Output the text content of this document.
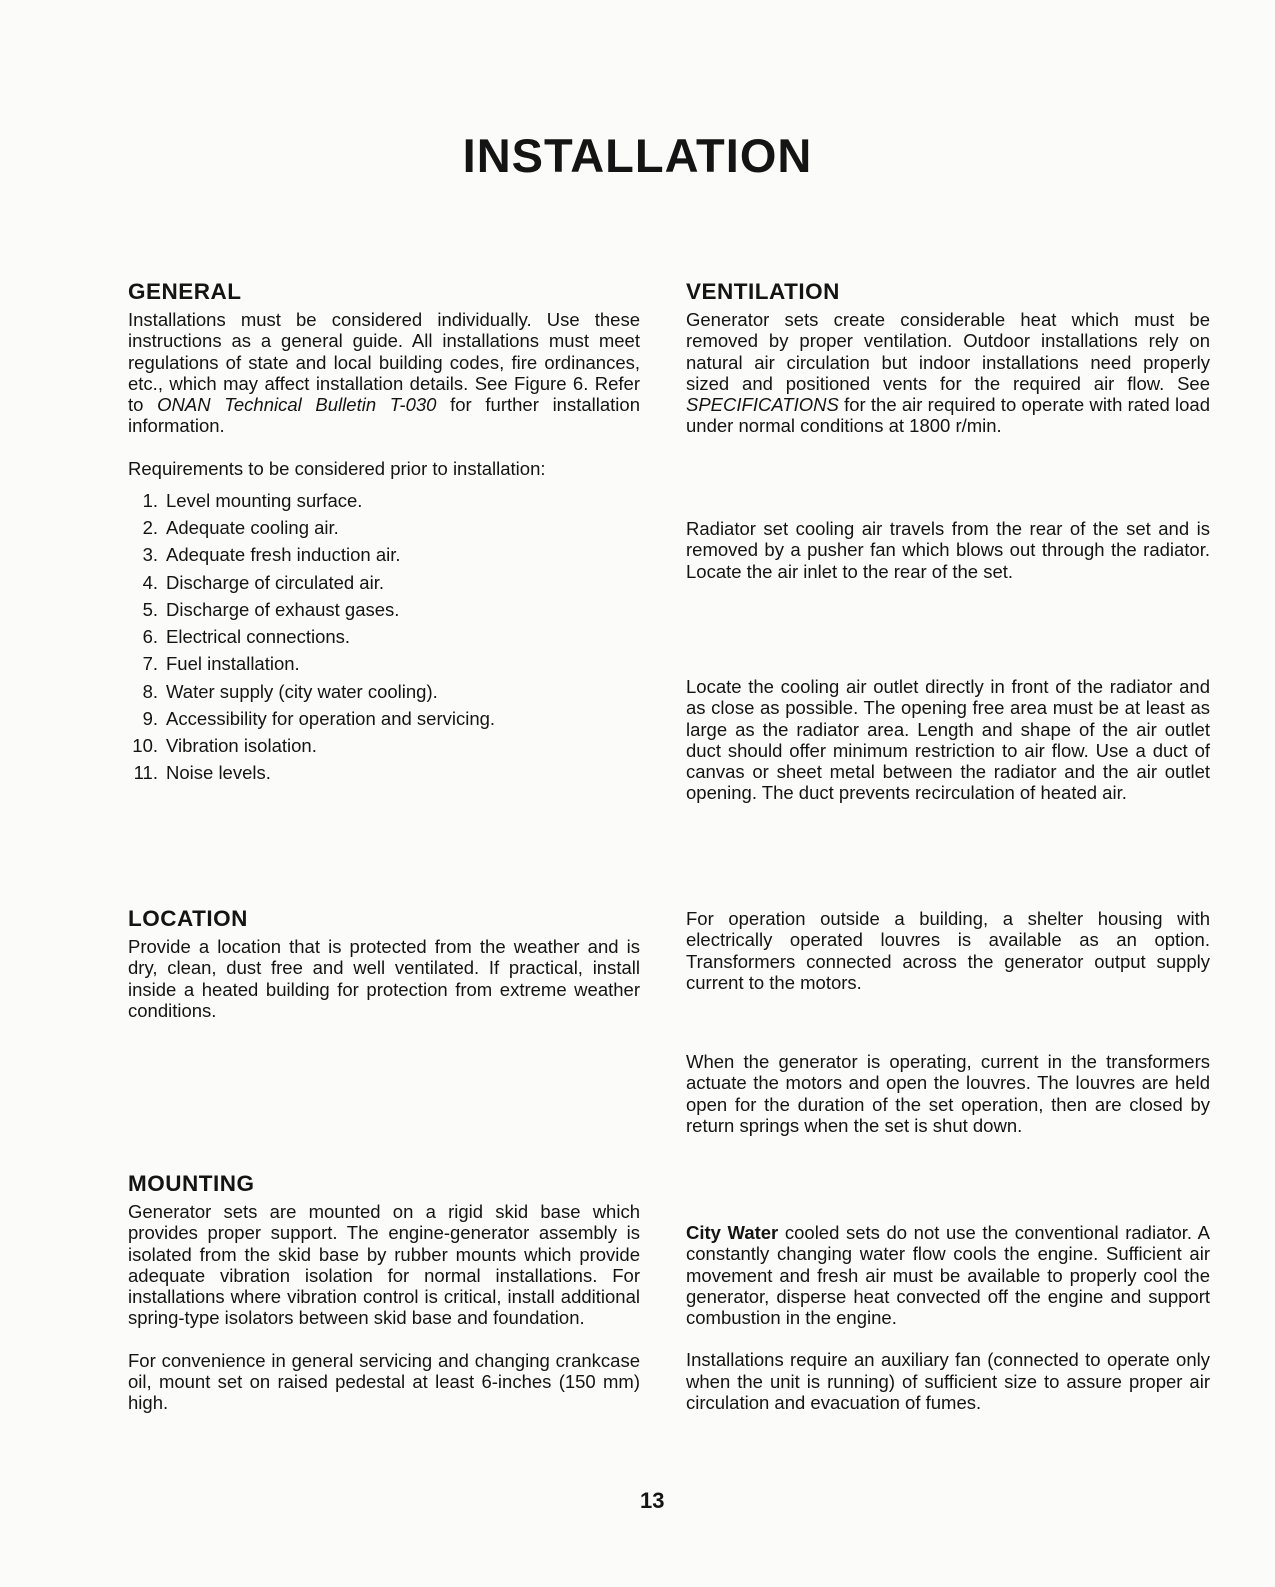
INSTALLATION
GENERAL

Installations must be considered individually. Use these instructions as a general guide. All installations must meet regulations of state and local building codes, fire ordinances, etc., which may affect installation details. See Figure 6. Refer to ONAN Technical Bulletin T-030 for further installation information.

Requirements to be considered prior to installation:

1. Level mounting surface.
2. Adequate cooling air.
3. Adequate fresh induction air.
4. Discharge of circulated air.
5. Discharge of exhaust gases.
6. Electrical connections.
7. Fuel installation.
8. Water supply (city water cooling).
9. Accessibility for operation and servicing.
10. Vibration isolation.
11. Noise levels.
LOCATION

Provide a location that is protected from the weather and is dry, clean, dust free and well ventilated. If practical, install inside a heated building for protection from extreme weather conditions.

MOUNTING

Generator sets are mounted on a rigid skid base which provides proper support. The engine-generator assembly is isolated from the skid base by rubber mounts which provide adequate vibration isolation for normal installations. For installations where vibration control is critical, install additional spring-type isolators between skid base and foundation.

For convenience in general servicing and changing crankcase oil, mount set on raised pedestal at least 6-inches (150 mm) high.

VENTILATION

Generator sets create considerable heat which must be removed by proper ventilation. Outdoor installations rely on natural air circulation but indoor installations need properly sized and positioned vents for the required air flow. See SPECIFICATIONS for the air required to operate with rated load under normal conditions at 1800 r/min.

Radiator set cooling air travels from the rear of the set and is removed by a pusher fan which blows out through the radiator. Locate the air inlet to the rear of the set.

Locate the cooling air outlet directly in front of the radiator and as close as possible. The opening free area must be at least as large as the radiator area. Length and shape of the air outlet duct should offer minimum restriction to air flow. Use a duct of canvas or sheet metal between the radiator and the air outlet opening. The duct prevents recirculation of heated air.

For operation outside a building, a shelter housing with electrically operated louvres is available as an option. Transformers connected across the generator output supply current to the motors.

When the generator is operating, current in the transformers actuate the motors and open the louvres. The louvres are held open for the duration of the set operation, then are closed by return springs when the set is shut down.

City Water cooled sets do not use the conventional radiator. A constantly changing water flow cools the engine. Sufficient air movement and fresh air must be available to properly cool the generator, disperse heat convected off the engine and support combustion in the engine.

Installations require an auxiliary fan (connected to operate only when the unit is running) of sufficient size to assure proper air circulation and evacuation of fumes.

13
